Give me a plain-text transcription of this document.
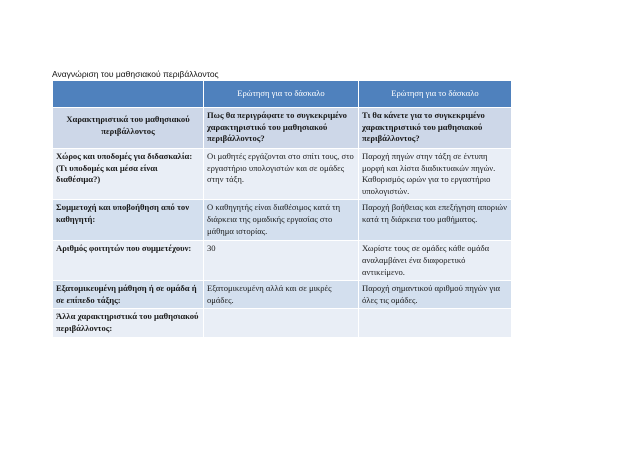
Αναγνώριση του μαθησιακού περιβάλλοντος
	Ερώτηση για το δάσκαλο	Ερώτηση για το δάσκαλο
Χαρακτηριστικά του μαθησιακού περιβάλλοντος	Πως θα περιγράφατε το συγκεκριμένο χαρακτηριστικό του μαθησιακού περιβάλλοντος?	Τι θα κάνετε για το συγκεκριμένο χαρακτηριστικό του μαθησιακού περιβάλλοντος?
Χώρος και υποδομές για διδασκαλία: (Τι υποδομές και μέσα είναι διαθέσιμα?)	Οι μαθητές εργάζονται στο σπίτι τους, στο εργαστήριο υπολογιστών και σε ομάδες στην τάξη.	Παροχή πηγών στην τάξη σε έντυπη μορφή και λίστα διαδικτυακών πηγών. Καθορισμός ωρών για το εργαστήριο υπολογιστών.
Συμμετοχή και υποβοήθηση από τον καθηγητή:	Ο καθηγητής είναι διαθέσιμος κατά τη διάρκεια της ομαδικής εργασίας στο μάθημα ιστορίας.	Παροχή βοήθειας και επεξήγηση αποριών κατά τη διάρκεια του μαθήματος.
Αριθμός φοιτητών που συμμετέχουν:	30	Χωρίστε τους σε ομάδες κάθε ομάδα αναλαμβάνει ένα διαφορετικό αντικείμενο.
Εξατομικευμένη μάθηση ή σε ομάδα ή σε επίπεδο τάξης:	Εξατομικευμένη αλλά και σε μικρές ομάδες.	Παροχή σημαντικού αριθμού πηγών για όλες τις ομάδες.
Άλλα χαρακτηριστικά του μαθησιακού περιβάλλοντος:		
